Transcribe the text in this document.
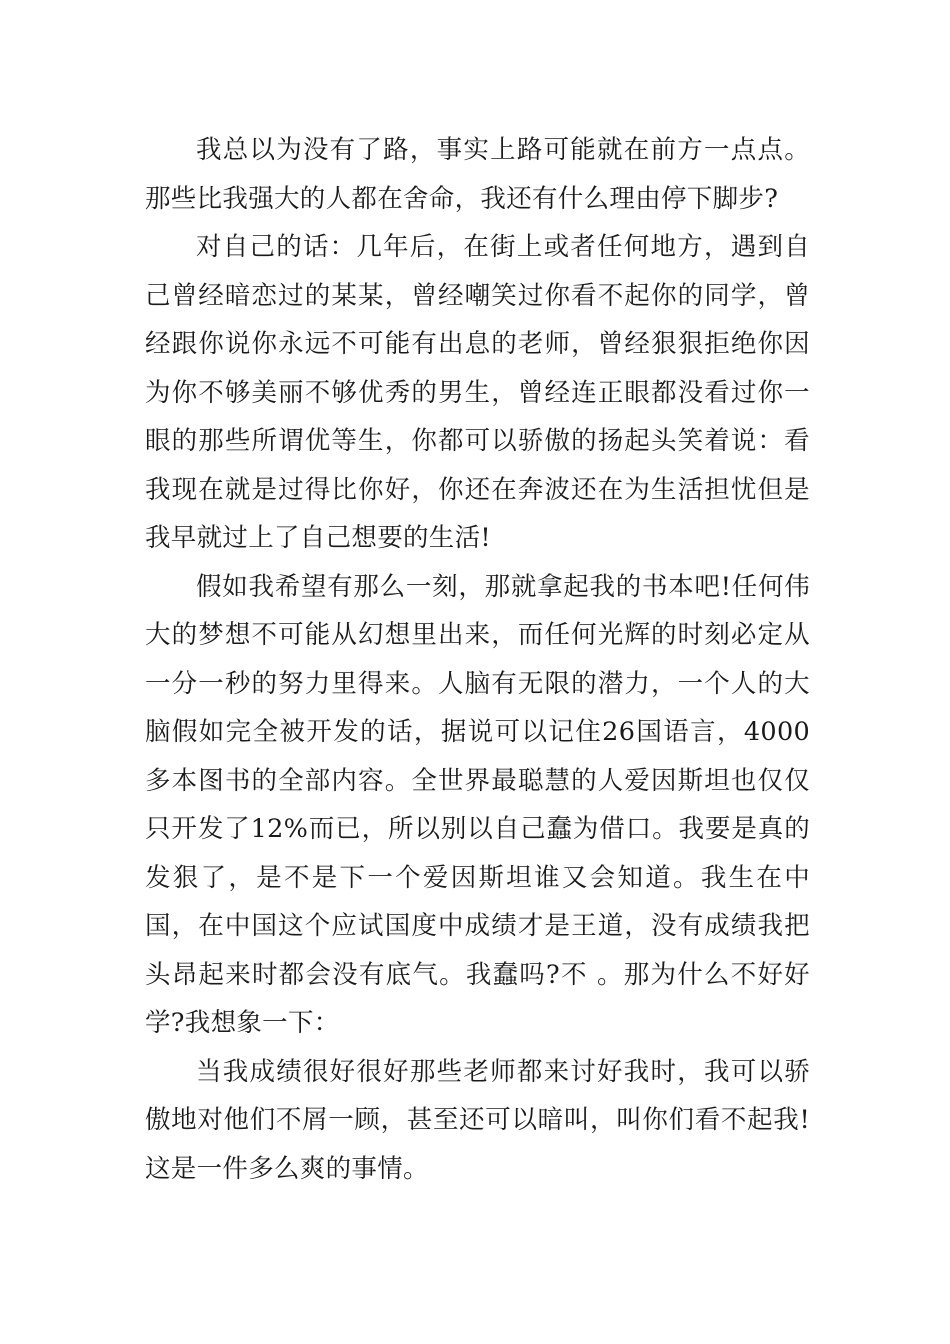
我总以为没有了路，事实上路可能就在前方一点点。那些比我强大的人都在舍命，我还有什么理由停下脚步?

对自己的话：几年后，在街上或者任何地方，遇到自己曾经暗恋过的某某，曾经嘲笑过你看不起你的同学，曾经跟你说你永远不可能有出息的老师，曾经狠狠拒绝你因为你不够美丽不够优秀的男生，曾经连正眼都没看过你一眼的那些所谓优等生，你都可以骄傲的扬起头笑着说：看我现在就是过得比你好，你还在奔波还在为生活担忧但是我早就过上了自己想要的生活!

假如我希望有那么一刻，那就拿起我的书本吧!任何伟大的梦想不可能从幻想里出来，而任何光辉的时刻必定从一分一秒的努力里得来。人脑有无限的潜力，一个人的大脑假如完全被开发的话，据说可以记住26国语言，4000多本图书的全部内容。全世界最聪慧的人爱因斯坦也仅仅只开发了12%而已，所以别以自己蠢为借口。我要是真的发狠了，是不是下一个爱因斯坦谁又会知道。我生在中国，在中国这个应试国度中成绩才是王道，没有成绩我把头昂起来时都会没有底气。我蠢吗?不 。那为什么不好好学?我想象一下：

当我成绩很好很好那些老师都来讨好我时，我可以骄傲地对他们不屑一顾，甚至还可以暗叫，叫你们看不起我!这是一件多么爽的事情。
